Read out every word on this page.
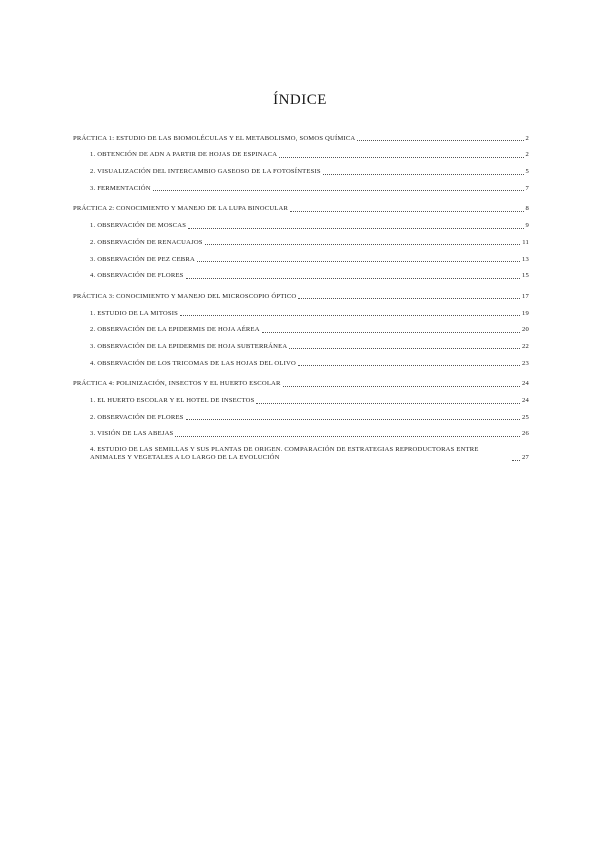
ÍNDICE
PRÁCTICA 1: ESTUDIO DE LAS BIOMOLÉCULAS Y EL METABOLISMO, SOMOS QUÍMICA	2
1. OBTENCIÓN DE ADN A PARTIR DE HOJAS DE ESPINACA	2
2. VISUALIZACIÓN DEL INTERCAMBIO GASEOSO DE LA FOTOSÍNTESIS	5
3. FERMENTACIÓN	7
PRÁCTICA 2: CONOCIMIENTO Y MANEJO DE LA LUPA BINOCULAR	8
1. OBSERVACIÓN DE MOSCAS	9
2. OBSERVACIÓN DE RENACUAJOS	11
3. OBSERVACIÓN DE PEZ CEBRA	13
4. OBSERVACIÓN DE FLORES	15
PRÁCTICA 3: CONOCIMIENTO Y MANEJO DEL MICROSCOPIO ÓPTICO	17
1. ESTUDIO DE LA MITOSIS	19
2. OBSERVACIÓN DE LA EPIDERMIS DE HOJA AÉREA	20
3. OBSERVACIÓN DE LA EPIDERMIS DE HOJA SUBTERRÁNEA	22
4. OBSERVACIÓN DE LOS TRICOMAS DE LAS HOJAS DEL OLIVO	23
PRÁCTICA 4: POLINIZACIÓN, INSECTOS Y EL HUERTO ESCOLAR	24
1. EL HUERTO ESCOLAR Y EL HOTEL DE INSECTOS	24
2. OBSERVACIÓN DE FLORES	25
3. VISIÓN DE LAS ABEJAS	26
4. ESTUDIO DE LAS SEMILLAS Y SUS PLANTAS DE ORIGEN. COMPARACIÓN DE ESTRATEGIAS REPRODUCTORAS ENTRE ANIMALES Y VEGETALES A LO LARGO DE LA EVOLUCIÓN	27
